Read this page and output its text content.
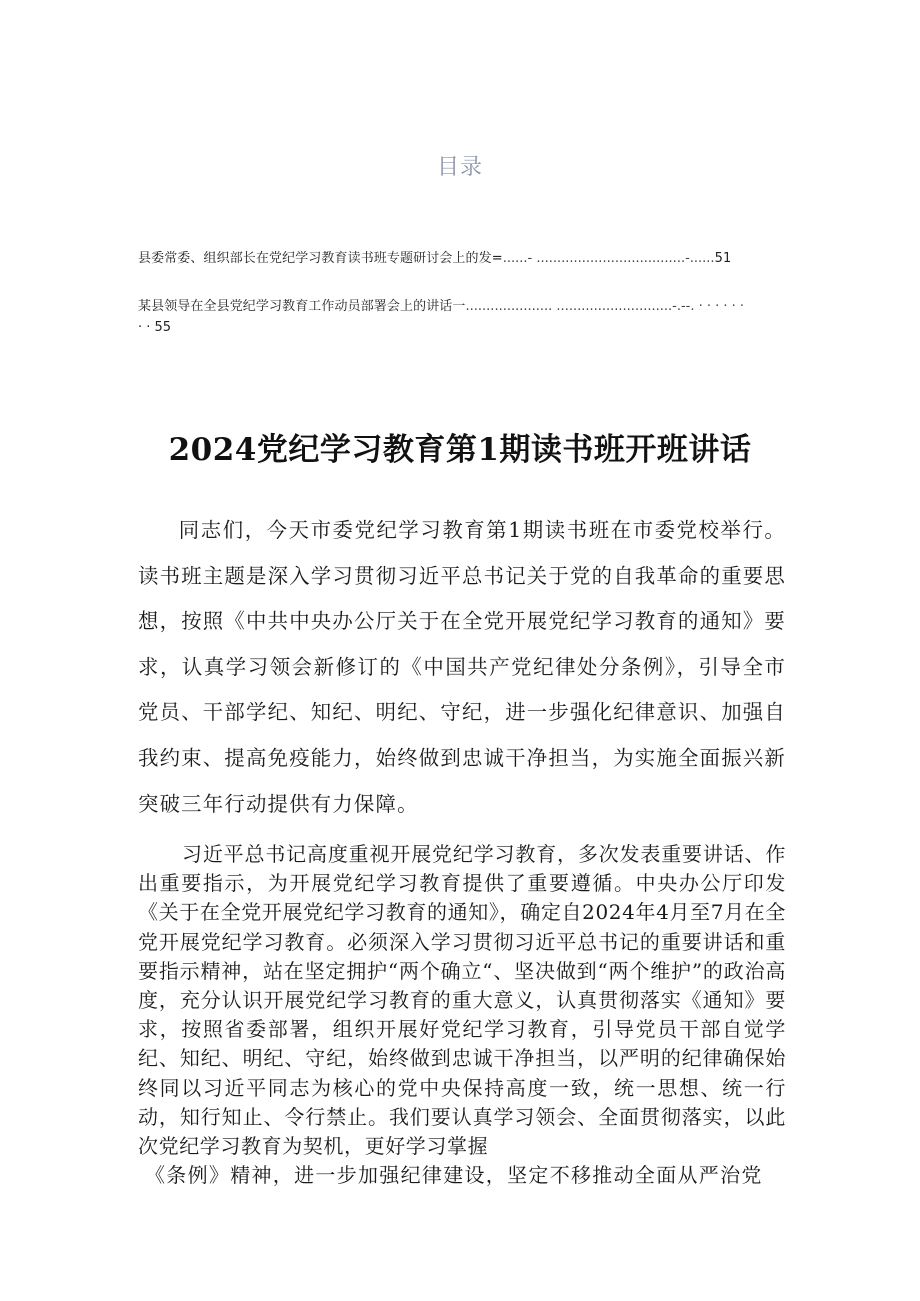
目录
县委常委、组织部长在党纪学习教育读书班专题研讨会上的发=......- ....................................-......51
某县领导在全县党纪学习教育工作动员部署会上的讲话一..................... ............................-.--. · · · · · ·
· · 55
2024党纪学习教育第1期读书班开班讲话

同志们，今天市委党纪学习教育第1期读书班在市委党校举行。读书班主题是深入学习贯彻习近平总书记关于党的自我革命的重要思想，按照《中共中央办公厅关于在全党开展党纪学习教育的通知》要求，认真学习领会新修订的《中国共产党纪律处分条例》，引导全市党员、干部学纪、知纪、明纪、守纪，进一步强化纪律意识、加强自我约束、提高免疫能力，始终做到忠诚干净担当，为实施全面振兴新突破三年行动提供有力保障。

习近平总书记高度重视开展党纪学习教育，多次发表重要讲话、作出重要指示，为开展党纪学习教育提供了重要遵循。中央办公厅印发《关于在全党开展党纪学习教育的通知》，确定自2024年4月至7月在全党开展党纪学习教育。必须深入学习贯彻习近平总书记的重要讲话和重要指示精神，站在坚定拥护“两个确立“、坚决做到“两个维护”的政治高度，充分认识开展党纪学习教育的重大意义，认真贯彻落实《通知》要求，按照省委部署，组织开展好党纪学习教育，引导党员干部自觉学纪、知纪、明纪、守纪，始终做到忠诚干净担当，以严明的纪律确保始终同以习近平同志为核心的党中央保持高度一致，统一思想、统一行动，知行知止、令行禁止。我们要认真学习领会、全面贯彻落实，以此次党纪学习教育为契机，更好学习掌握

《条例》精神，进一步加强纪律建设，坚定不移推动全面从严治党
